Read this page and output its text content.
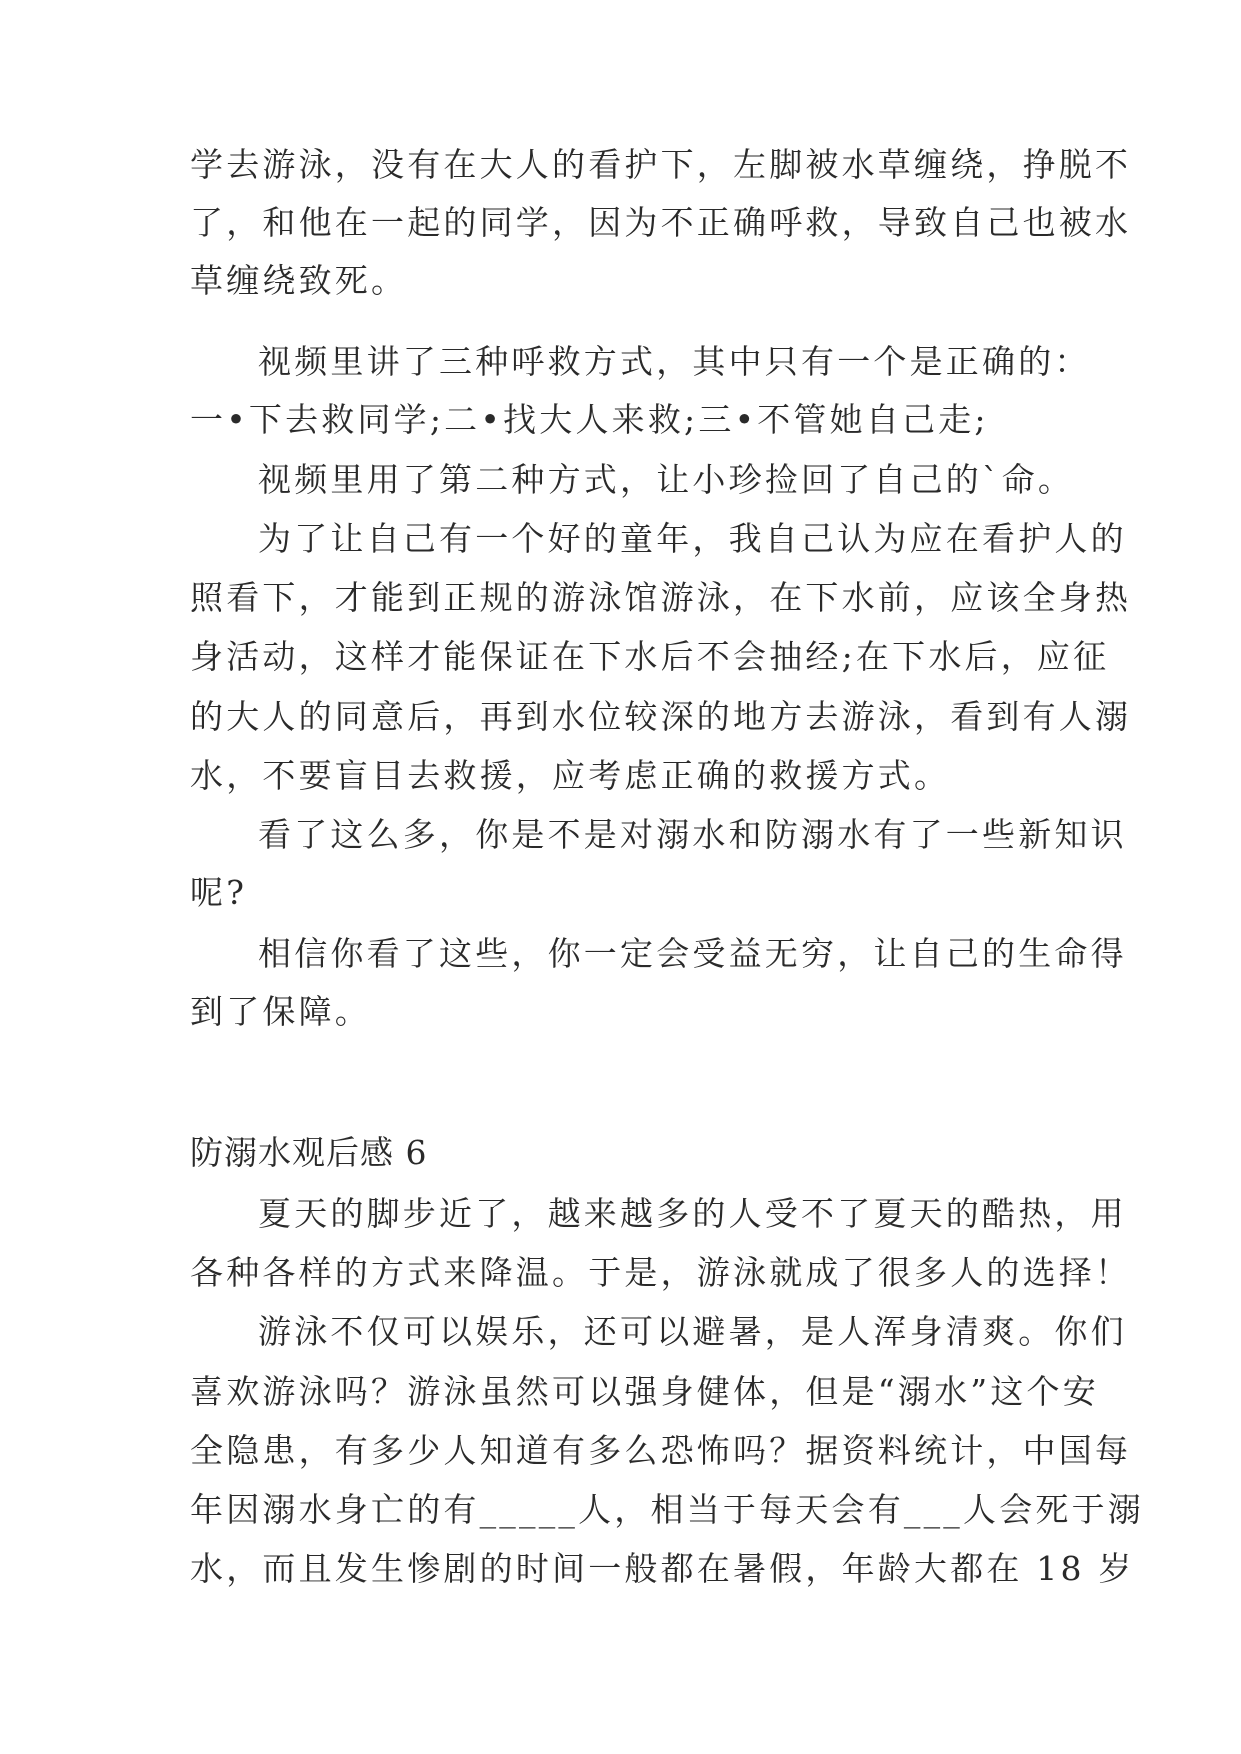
学去游泳，没有在大人的看护下，左脚被水草缠绕，挣脱不
了，和他在一起的同学，因为不正确呼救，导致自己也被水
草缠绕致死。
视频里讲了三种呼救方式，其中只有一个是正确的：
一•下去救同学;二•找大人来救;三•不管她自己走;
视频里用了第二种方式，让小珍捡回了自己的`命。
为了让自己有一个好的童年，我自己认为应在看护人的
照看下，才能到正规的游泳馆游泳，在下水前，应该全身热
身活动，这样才能保证在下水后不会抽经;在下水后，应征
的大人的同意后，再到水位较深的地方去游泳，看到有人溺
水，不要盲目去救援，应考虑正确的救援方式。
看了这么多，你是不是对溺水和防溺水有了一些新知识
呢?
相信你看了这些，你一定会受益无穷，让自己的生命得
到了保障。
防溺水观后感 6
夏天的脚步近了，越来越多的人受不了夏天的酷热，用
各种各样的方式来降温。于是，游泳就成了很多人的选择！
游泳不仅可以娱乐，还可以避暑，是人浑身清爽。你们
喜欢游泳吗？游泳虽然可以强身健体，但是“溺水”这个安
全隐患，有多少人知道有多么恐怖吗？据资料统计，中国每
年因溺水身亡的有_____人，相当于每天会有___人会死于溺
水，而且发生惨剧的时间一般都在暑假，年龄大都在 18 岁
